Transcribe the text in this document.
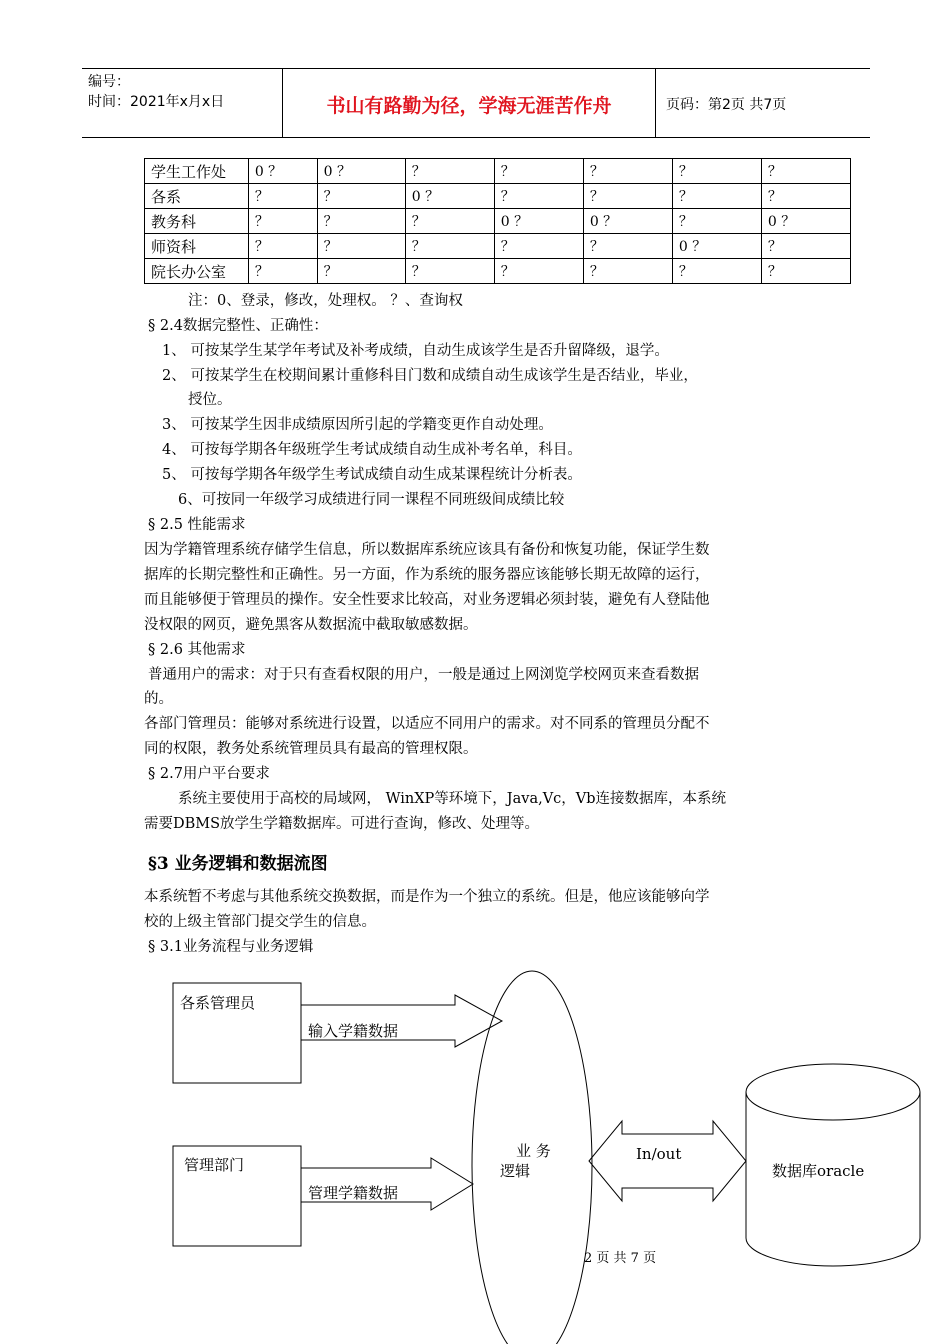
编号：
时间：2021年x月x日	书山有路勤为径，学海无涯苦作舟	页码：第2页 共7页
学生工作处	0 ？	0 ？	？	？	？	？	？
各系	？	？	0 ？	？	？	？	？
教务科	？	？	？	0 ？	0 ？	？	0 ？
师资科	？	？	？	？	？	0 ？	？
院长办公室	？	？	？	？	？	？	？
注：0、登录，修改，处理权。 ？、查询权
§ 2.4数据完整性、正确性：
1、 可按某学生某学年考试及补考成绩，自动生成该学生是否升留降级，退学。
2、 可按某学生在校期间累计重修科目门数和成绩自动生成该学生是否结业，毕业，
授位。
3、 可按某学生因非成绩原因所引起的学籍变更作自动处理。
4、 可按每学期各年级班学生考试成绩自动生成补考名单，科目。
5、 可按每学期各年级学生考试成绩自动生成某课程统计分析表。
6、可按同一年级学习成绩进行同一课程不同班级间成绩比较
§ 2.5 性能需求
因为学籍管理系统存储学生信息，所以数据库系统应该具有备份和恢复功能，保证学生数
据库的长期完整性和正确性。另一方面，作为系统的服务器应该能够长期无故障的运行，
而且能够便于管理员的操作。安全性要求比较高，对业务逻辑必须封装，避免有人登陆他
没权限的网页，避免黑客从数据流中截取敏感数据。
§ 2.6 其他需求
普通用户的需求：对于只有查看权限的用户，一般是通过上网浏览学校网页来查看数据
的。
各部门管理员：能够对系统进行设置，以适应不同用户的需求。对不同系的管理员分配不
同的权限，教务处系统管理员具有最高的管理权限。
§ 2.7用户平台要求
系统主要使用于高校的局域网， WinXP等环境下，Java,Vc，Vb连接数据库，本系统
需要DBMS放学生学籍数据库。可进行查询，修改、处理等。
§3 业务逻辑和数据流图
本系统暂不考虑与其他系统交换数据，而是作为一个独立的系统。但是，他应该能够向学
校的上级主管部门提交学生的信息。
§ 3.1业务流程与业务逻辑
各系管理员
输入学籍数据
管理部门
管理学籍数据
业 务
逻辑
In/out
数据库oracle
2 页 共 7 页
